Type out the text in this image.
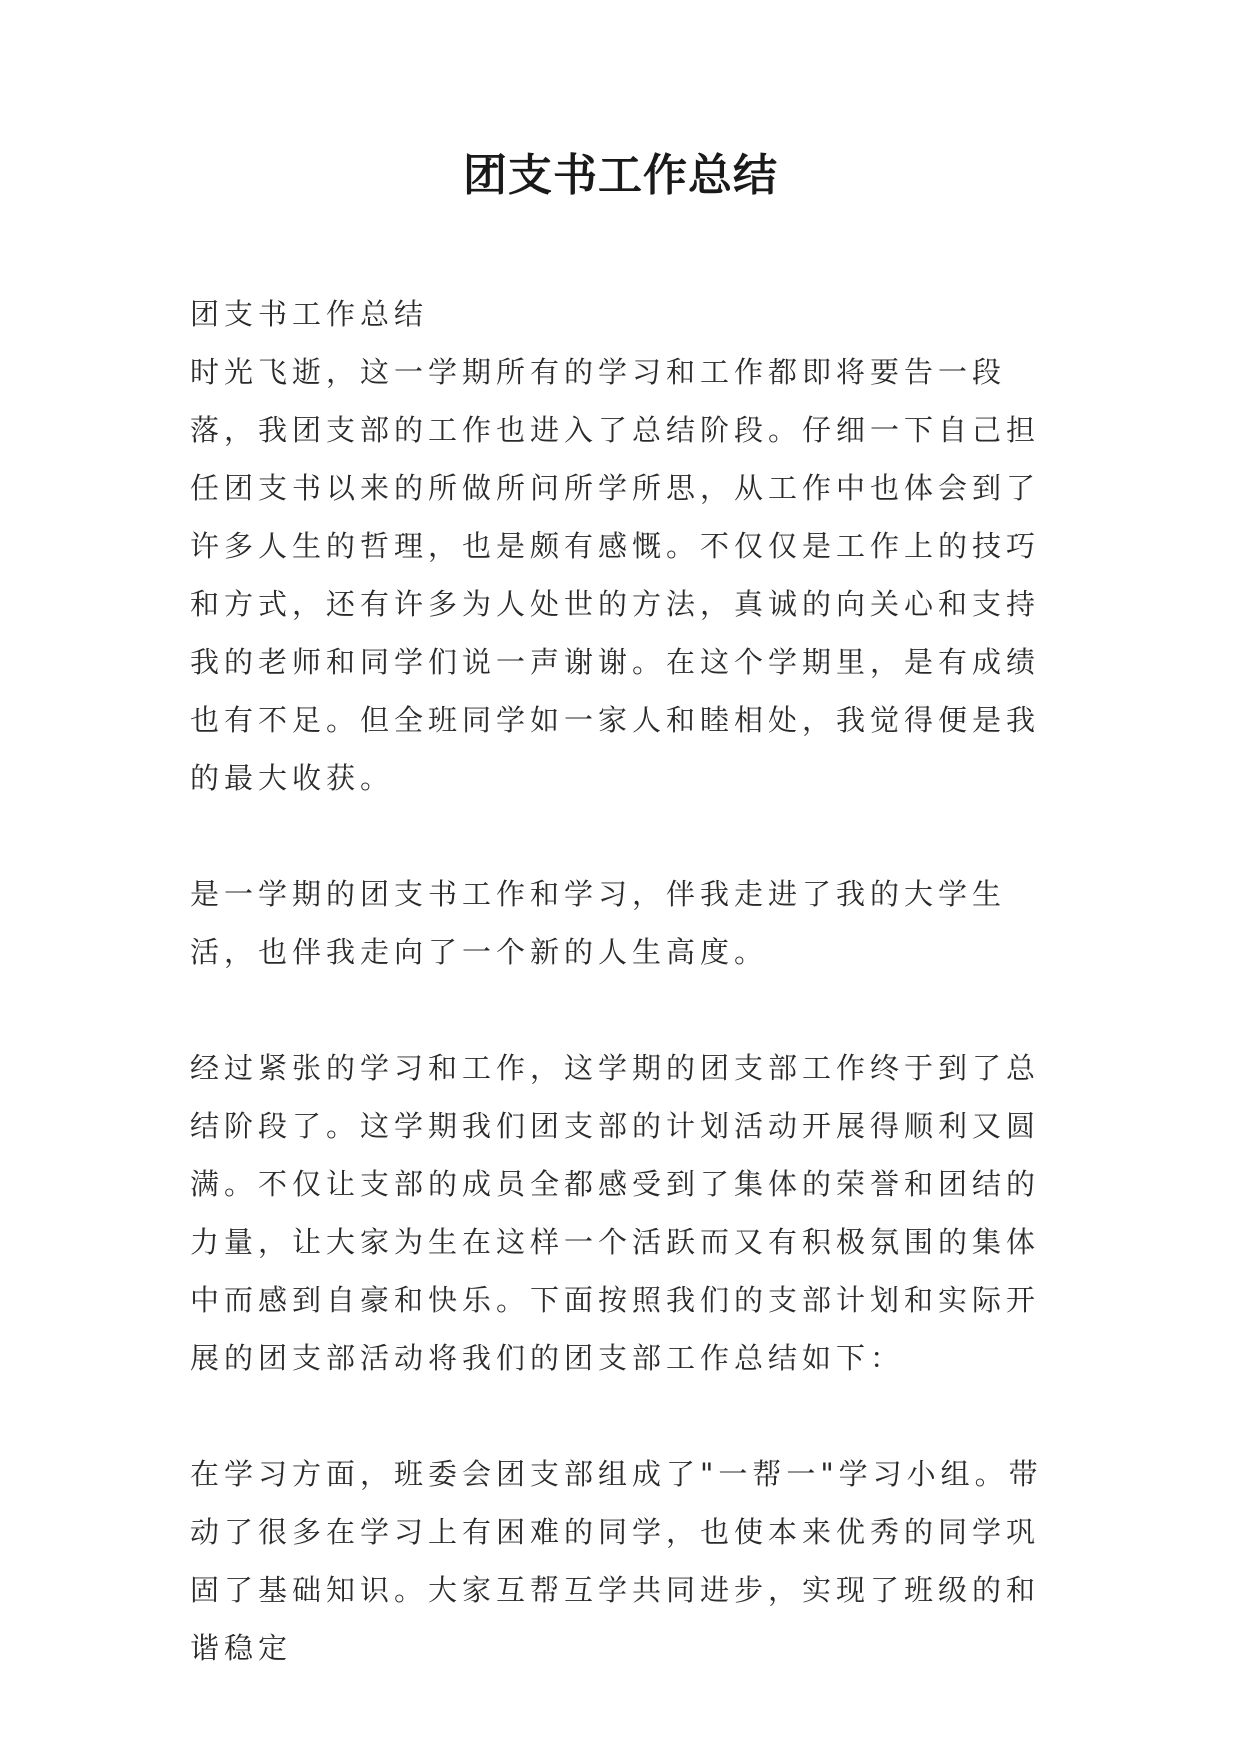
团支书工作总结

团支书工作总结

时光飞逝，这一学期所有的学习和工作都即将要告一段落，我团支部的工作也进入了总结阶段。仔细一下自己担任团支书以来的所做所问所学所思，从工作中也体会到了许多人生的哲理，也是颇有感慨。不仅仅是工作上的技巧和方式，还有许多为人处世的方法，真诚的向关心和支持我的老师和同学们说一声谢谢。在这个学期里，是有成绩也有不足。但全班同学如一家人和睦相处，我觉得便是我的最大收获。

是一学期的团支书工作和学习，伴我走进了我的大学生活，也伴我走向了一个新的人生高度。

经过紧张的学习和工作，这学期的团支部工作终于到了总结阶段了。这学期我们团支部的计划活动开展得顺利又圆满。不仅让支部的成员全都感受到了集体的荣誉和团结的力量，让大家为生在这样一个活跃而又有积极氛围的集体中而感到自豪和快乐。下面按照我们的支部计划和实际开展的团支部活动将我们的团支部工作总结如下：

在学习方面，班委会团支部组成了"一帮一"学习小组。带动了很多在学习上有困难的同学，也使本来优秀的同学巩固了基础知识。大家互帮互学共同进步，实现了班级的和谐稳定
